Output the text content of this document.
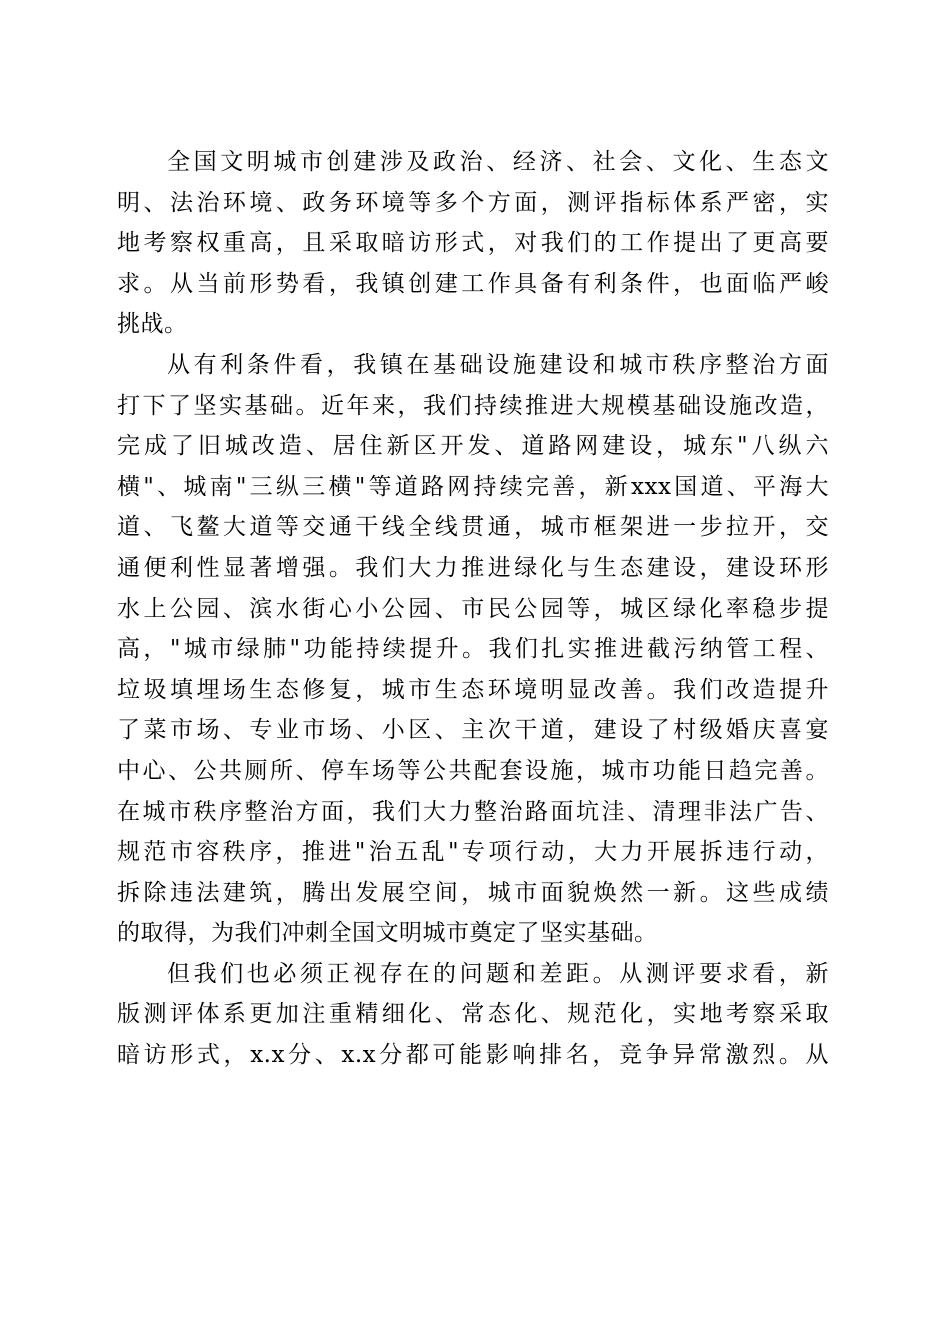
全国文明城市创建涉及政治、经济、社会、文化、生态文
明、法治环境、政务环境等多个方面，测评指标体系严密，实
地考察权重高，且采取暗访形式，对我们的工作提出了更高要
求。从当前形势看，我镇创建工作具备有利条件，也面临严峻
挑战。
从有利条件看，我镇在基础设施建设和城市秩序整治方面
打下了坚实基础。近年来，我们持续推进大规模基础设施改造，
完成了旧城改造、居住新区开发、道路网建设，城东"八纵六
横"、城南"三纵三横"等道路网持续完善，新xxx国道、平海大
道、飞鳌大道等交通干线全线贯通，城市框架进一步拉开，交
通便利性显著增强。我们大力推进绿化与生态建设，建设环形
水上公园、滨水街心小公园、市民公园等，城区绿化率稳步提
高，"城市绿肺"功能持续提升。我们扎实推进截污纳管工程、
垃圾填埋场生态修复，城市生态环境明显改善。我们改造提升
了菜市场、专业市场、小区、主次干道，建设了村级婚庆喜宴
中心、公共厕所、停车场等公共配套设施，城市功能日趋完善。
在城市秩序整治方面，我们大力整治路面坑洼、清理非法广告、
规范市容秩序，推进"治五乱"专项行动，大力开展拆违行动，
拆除违法建筑，腾出发展空间，城市面貌焕然一新。这些成绩
的取得，为我们冲刺全国文明城市奠定了坚实基础。
但我们也必须正视存在的问题和差距。从测评要求看，新
版测评体系更加注重精细化、常态化、规范化，实地考察采取
暗访形式，x.x分、x.x分都可能影响排名，竞争异常激烈。从
